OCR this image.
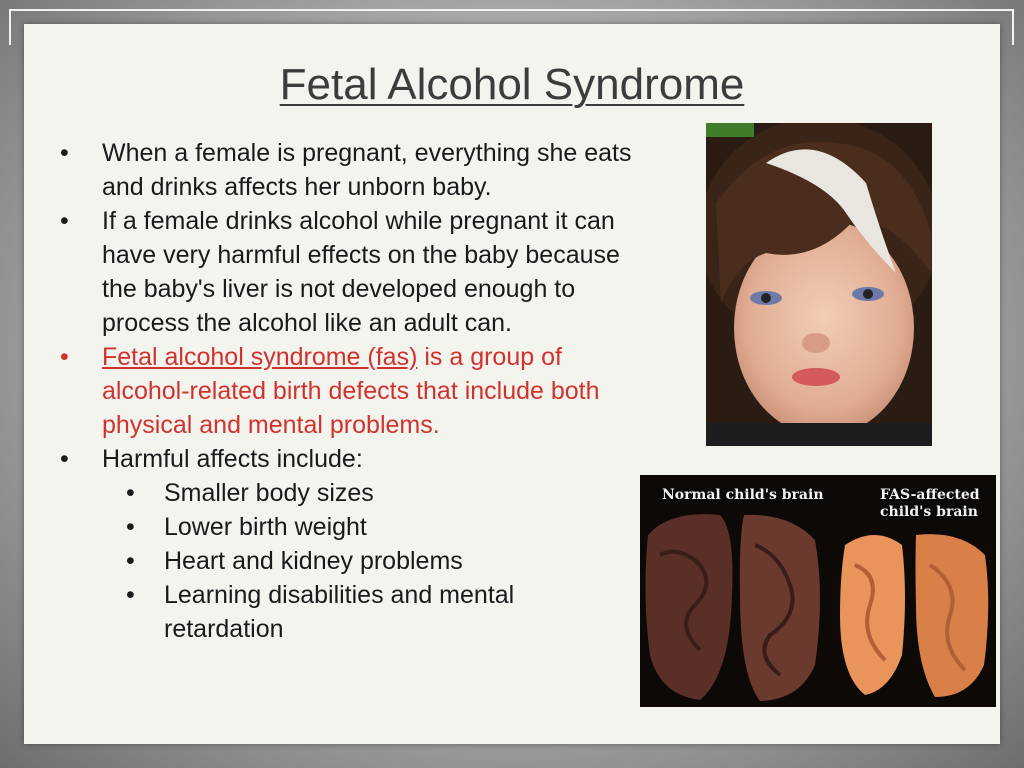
Fetal Alcohol Syndrome
• When a female is pregnant, everything she eats and drinks affects her unborn baby.
• If a female drinks alcohol while pregnant it can have very harmful effects on the baby because the baby's liver is not developed enough to process the alcohol like an adult can.
• Fetal alcohol syndrome (fas) is a group of alcohol-related birth defects that include both physical and mental problems.
• Harmful affects include:
• Smaller body sizes
• Lower birth weight
• Heart and kidney problems
• Learning disabilities and mental retardation
Normal child's brain	FAS-affected
child's brain
